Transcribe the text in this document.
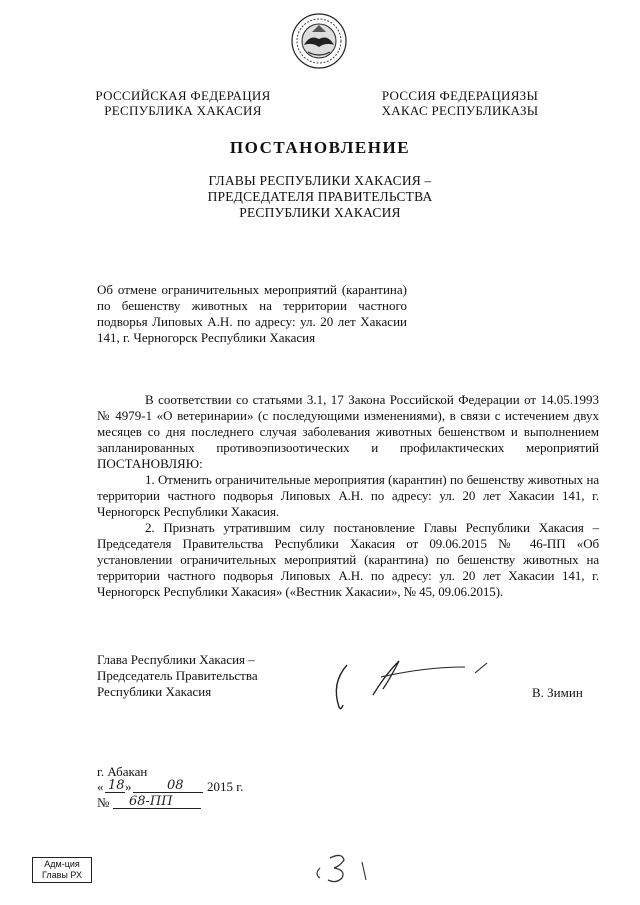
РОССИЙСКАЯ ФЕДЕРАЦИЯ
РЕСПУБЛИКА ХАКАСИЯ
РОССИЯ ФЕДЕРАЦИЯЗЫ
ХАКАС РЕСПУБЛИКАЗЫ
ПОСТАНОВЛЕНИЕ
ГЛАВЫ РЕСПУБЛИКИ ХАКАСИЯ –
ПРЕДСЕДАТЕЛЯ ПРАВИТЕЛЬСТВА
РЕСПУБЛИКИ ХАКАСИЯ
Об отмене ограничительных мероприятий (карантина) по бешенству животных на территории частного подворья Липовых А.Н. по адресу: ул. 20 лет Хакасии 141, г. Черногорск Республики Хакасия

В соответствии со статьями 3.1, 17 Закона Российской Федерации от 14.05.1993 № 4979-1 «О ветеринарии» (с последующими изменениями), в связи с истечением двух месяцев со дня последнего случая заболевания животных бешенством и выполнением запланированных противоэпизоотических и профилактических мероприятий ПОСТАНОВЛЯЮ:

1. Отменить ограничительные мероприятия (карантин) по бешенству животных на территории частного подворья Липовых А.Н. по адресу: ул. 20 лет Хакасии 141, г. Черногорск Республики Хакасия.

2. Признать утратившим силу постановление Главы Республики Хакасия – Председателя Правительства Республики Хакасия от 09.06.2015 № 46-ПП «Об установлении ограничительных мероприятий (карантина) по бешенству животных на территории частного подворья Липовых А.Н. по адресу: ул. 20 лет Хакасии 141, г. Черногорск Республики Хакасия» («Вестник Хакасии», № 45, 09.06.2015).

Глава Республики Хакасия –
Председатель Правительства
Республики Хакасия	В. Зимин
г. Абакан
« 18 »	08 2015 г.
№ 68-ПП
Адм-ция
Главы РХ
